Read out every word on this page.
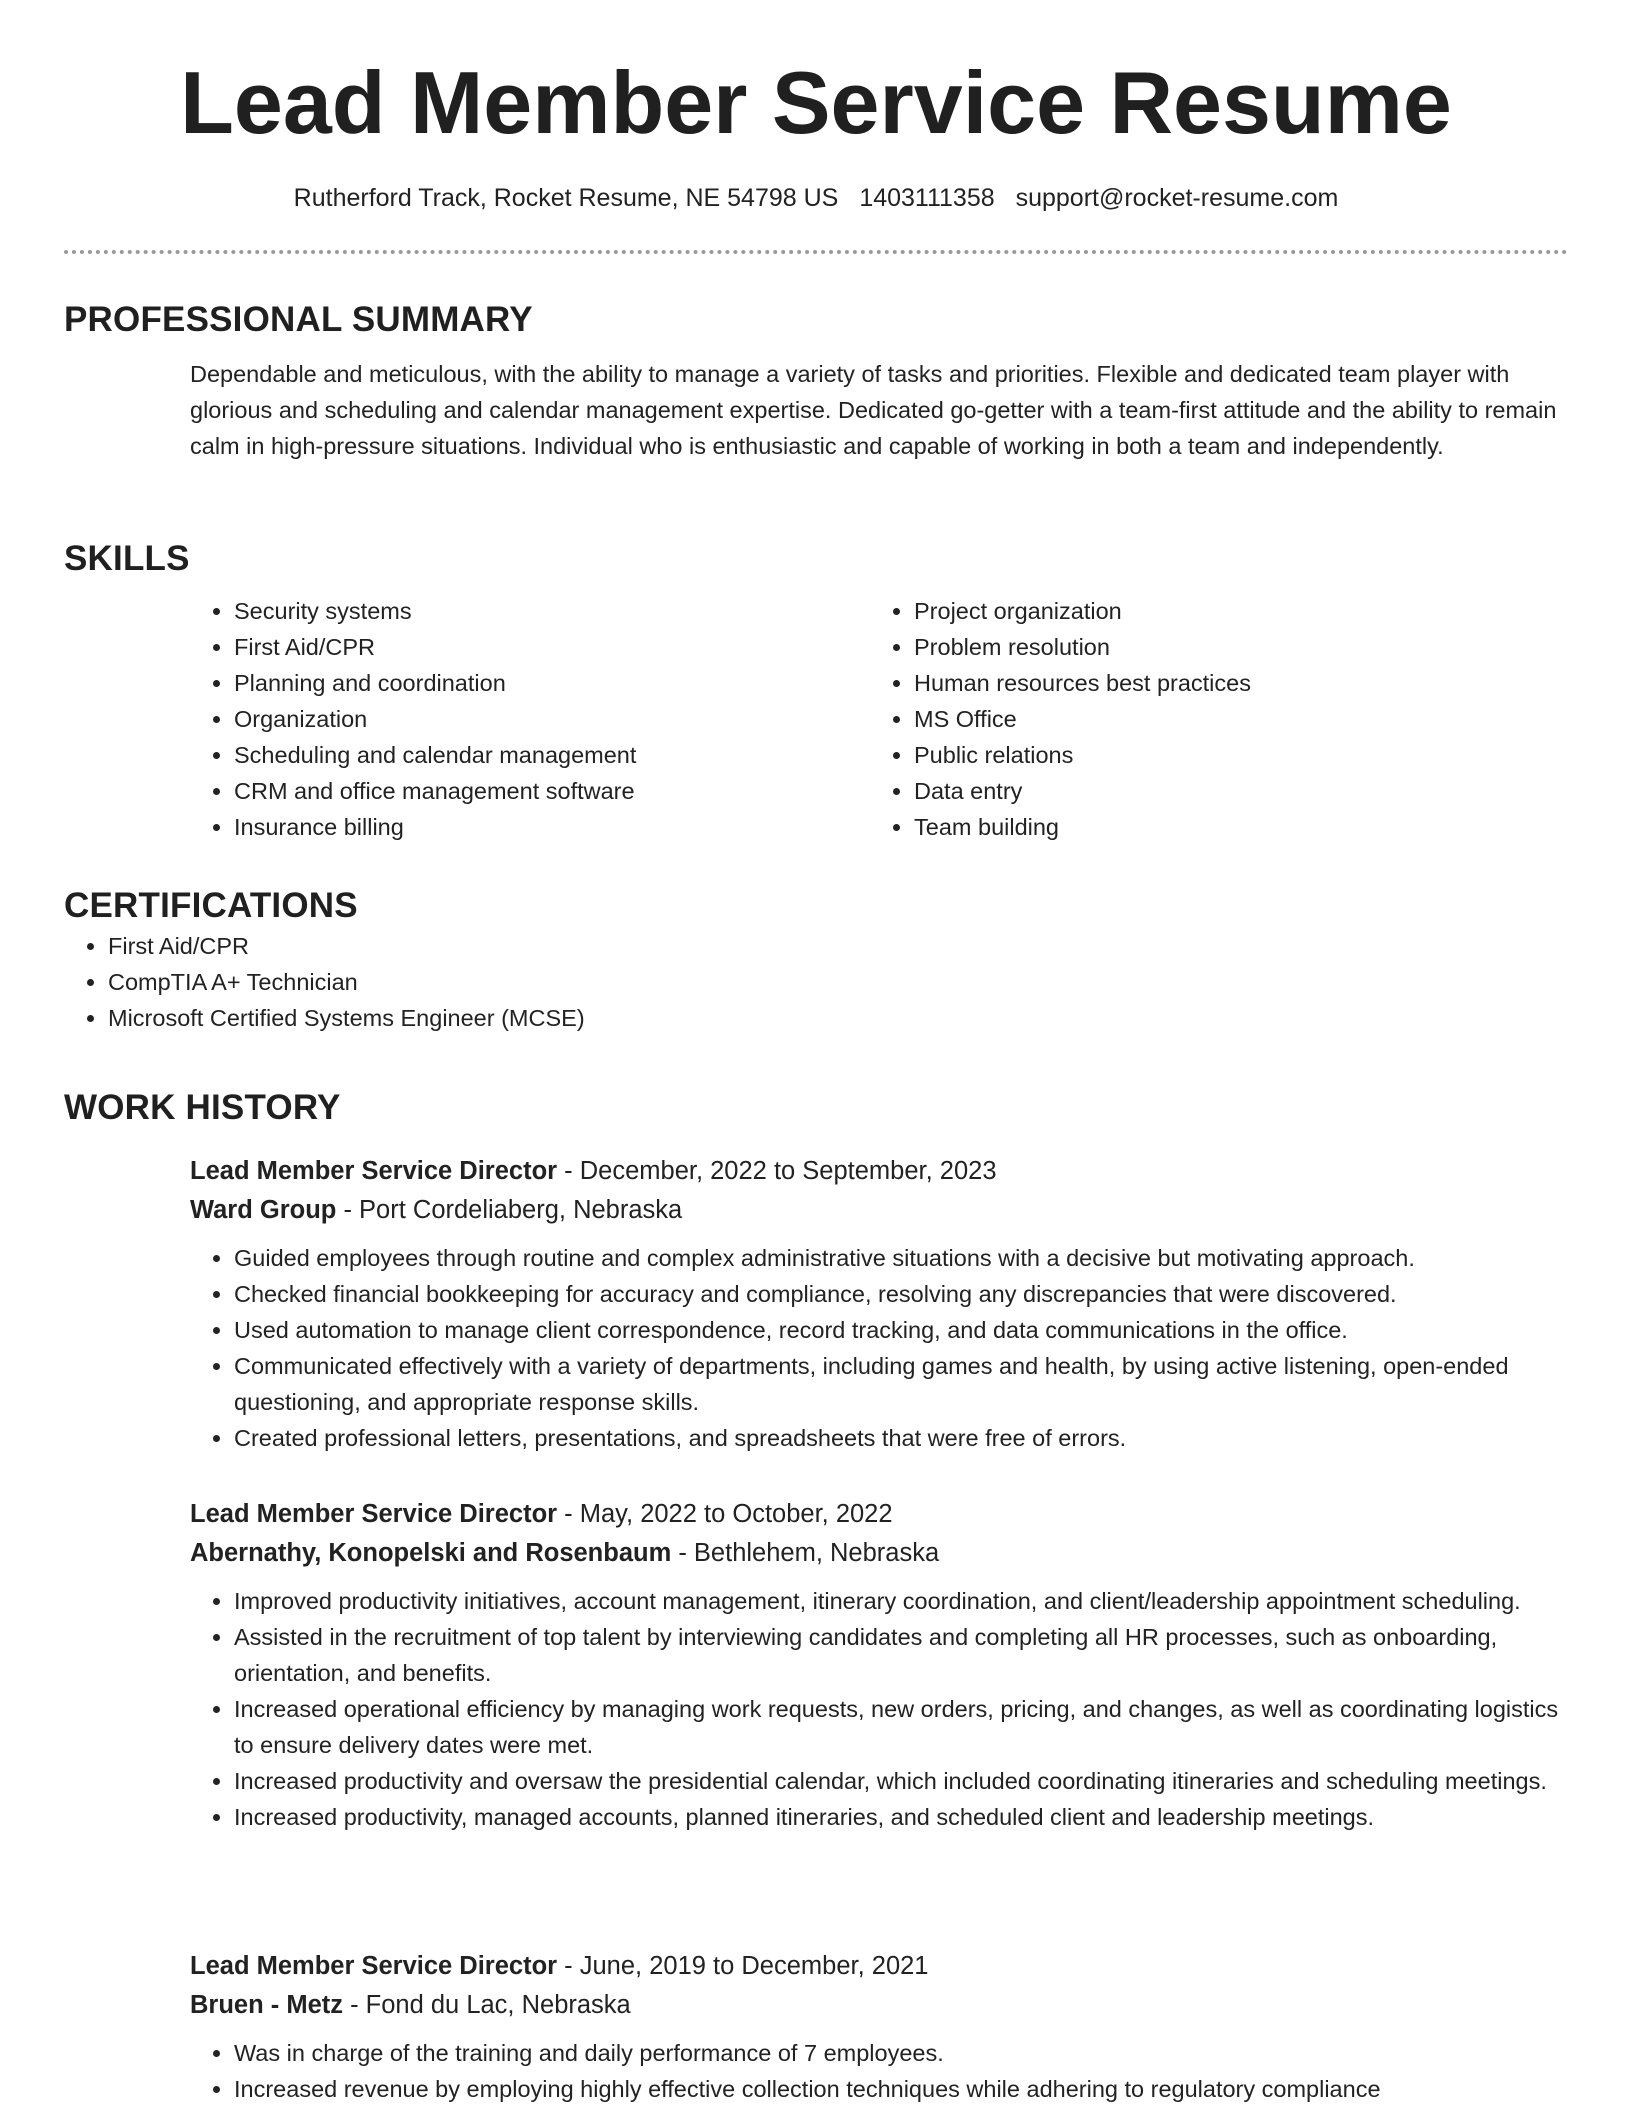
Lead Member Service Resume
Rutherford Track, Rocket Resume, NE 54798 US 1403111358 support@rocket-resume.com
PROFESSIONAL SUMMARY
Dependable and meticulous, with the ability to manage a variety of tasks and priorities. Flexible and dedicated team player with glorious and scheduling and calendar management expertise. Dedicated go-getter with a team-first attitude and the ability to remain calm in high-pressure situations. Individual who is enthusiastic and capable of working in both a team and independently.
SKILLS
• Security systems
• First Aid/CPR
• Planning and coordination
• Organization
• Scheduling and calendar management
• CRM and office management software
• Insurance billing
• Project organization
• Problem resolution
• Human resources best practices
• MS Office
• Public relations
• Data entry
• Team building
CERTIFICATIONS
• First Aid/CPR
• CompTIA A+ Technician
• Microsoft Certified Systems Engineer (MCSE)
WORK HISTORY
Lead Member Service Director - December, 2022 to September, 2023
Ward Group - Port Cordeliaberg, Nebraska
• Guided employees through routine and complex administrative situations with a decisive but motivating approach.
• Checked financial bookkeeping for accuracy and compliance, resolving any discrepancies that were discovered.
• Used automation to manage client correspondence, record tracking, and data communications in the office.
• Communicated effectively with a variety of departments, including games and health, by using active listening, open-ended questioning, and appropriate response skills.
• Created professional letters, presentations, and spreadsheets that were free of errors.
Lead Member Service Director - May, 2022 to October, 2022
Abernathy, Konopelski and Rosenbaum - Bethlehem, Nebraska
• Improved productivity initiatives, account management, itinerary coordination, and client/leadership appointment scheduling.
• Assisted in the recruitment of top talent by interviewing candidates and completing all HR processes, such as onboarding, orientation, and benefits.
• Increased operational efficiency by managing work requests, new orders, pricing, and changes, as well as coordinating logistics to ensure delivery dates were met.
• Increased productivity and oversaw the presidential calendar, which included coordinating itineraries and scheduling meetings.
• Increased productivity, managed accounts, planned itineraries, and scheduled client and leadership meetings.
Lead Member Service Director - June, 2019 to December, 2021
Bruen - Metz - Fond du Lac, Nebraska
• Was in charge of the training and daily performance of 7 employees.
• Increased revenue by employing highly effective collection techniques while adhering to regulatory compliance
